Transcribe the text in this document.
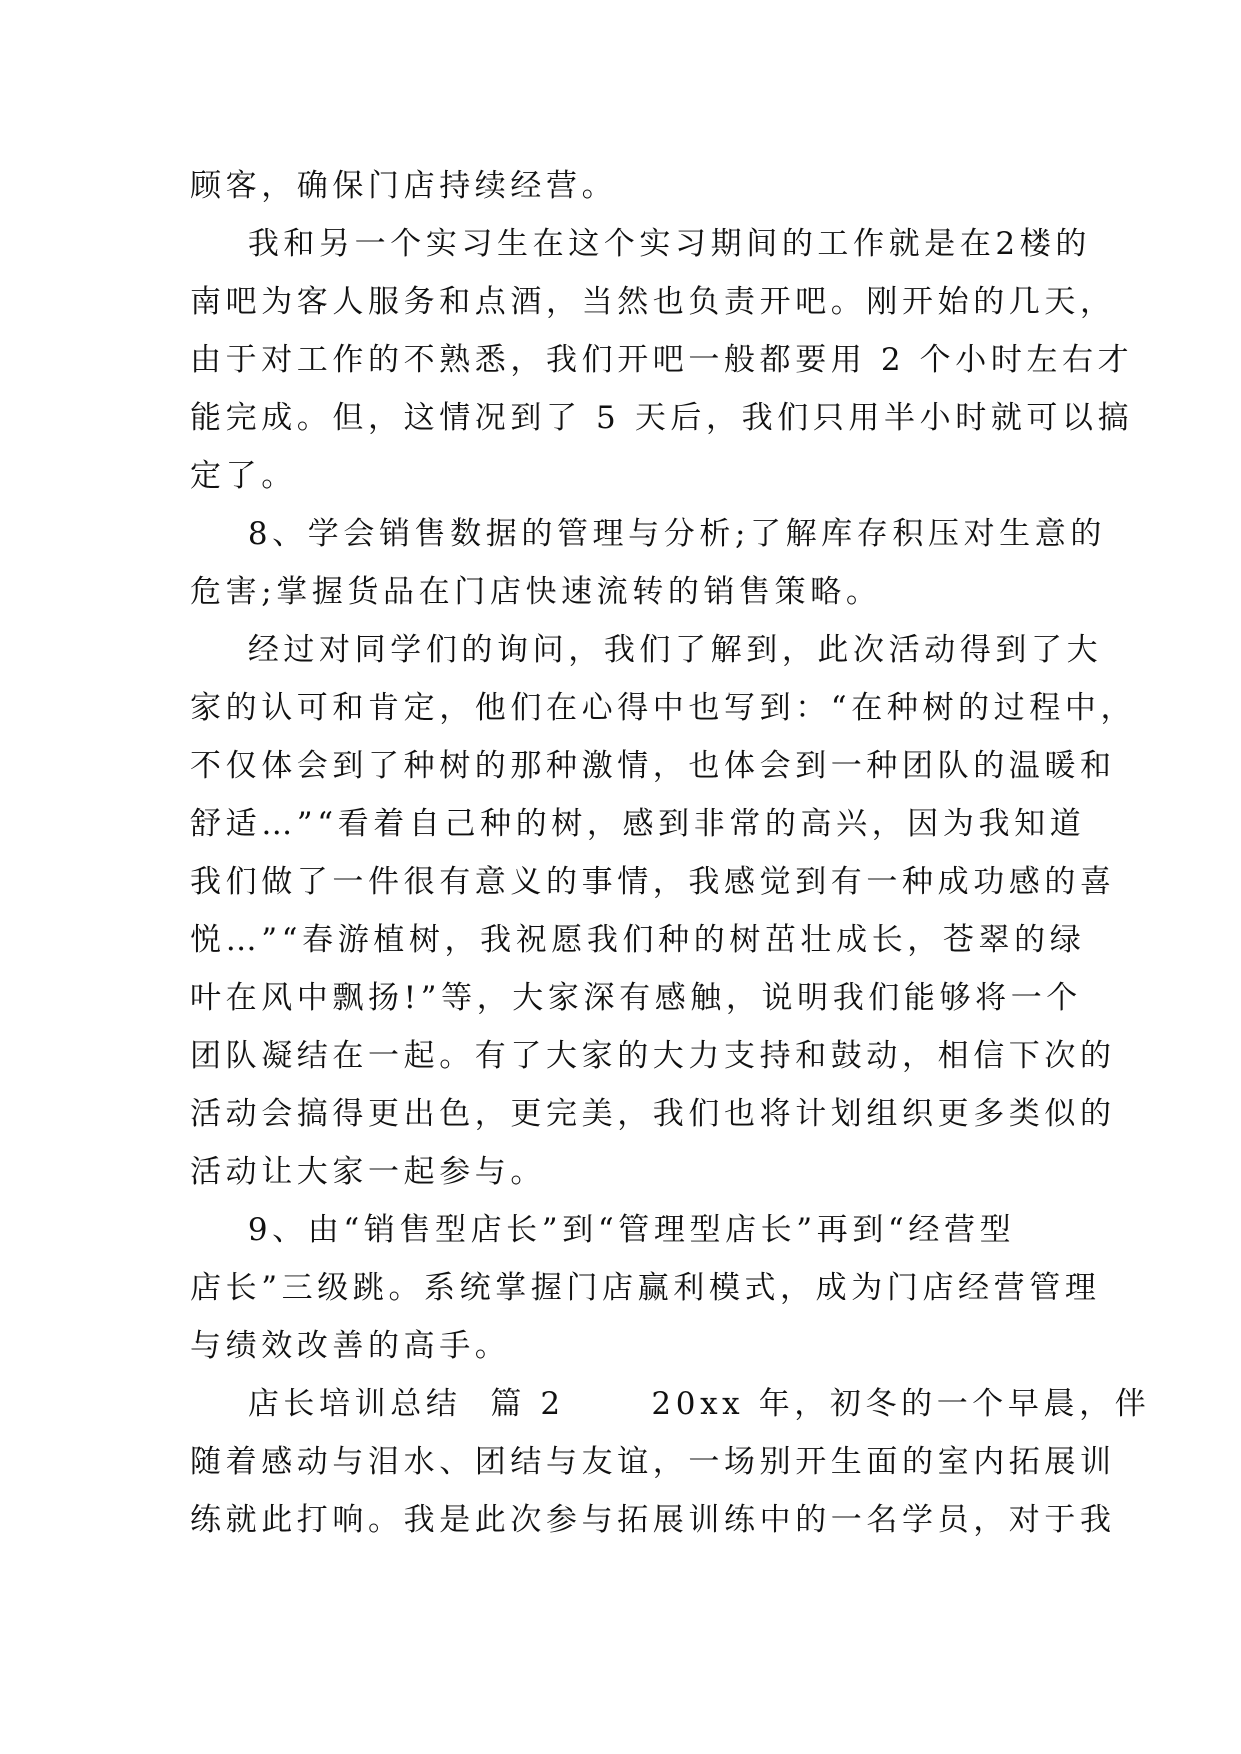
顾客，确保门店持续经营。
我和另一个实习生在这个实习期间的工作就是在2楼的
南吧为客人服务和点酒，当然也负责开吧。刚开始的几天，
由于对工作的不熟悉，我们开吧一般都要用 2 个小时左右才
能完成。但，这情况到了 5 天后，我们只用半小时就可以搞
定了。
8、学会销售数据的管理与分析;了解库存积压对生意的
危害;掌握货品在门店快速流转的销售策略。
经过对同学们的询问，我们了解到，此次活动得到了大
家的认可和肯定，他们在心得中也写到：“在种树的过程中，
不仅体会到了种树的那种激情，也体会到一种团队的温暖和
舒适…”“看着自己种的树，感到非常的高兴，因为我知道
我们做了一件很有意义的事情，我感觉到有一种成功感的喜
悦…”“春游植树，我祝愿我们种的树茁壮成长，苍翠的绿
叶在风中飘扬!”等，大家深有感触，说明我们能够将一个
团队凝结在一起。有了大家的大力支持和鼓动，相信下次的
活动会搞得更出色，更完美，我们也将计划组织更多类似的
活动让大家一起参与。
9、由“销售型店长”到“管理型店长”再到“经营型
店长”三级跳。系统掌握门店赢利模式，成为门店经营管理
与绩效改善的高手。
店长培训总结  篇 2      20xx 年，初冬的一个早晨，伴
随着感动与泪水、团结与友谊，一场别开生面的室内拓展训
练就此打响。我是此次参与拓展训练中的一名学员，对于我
